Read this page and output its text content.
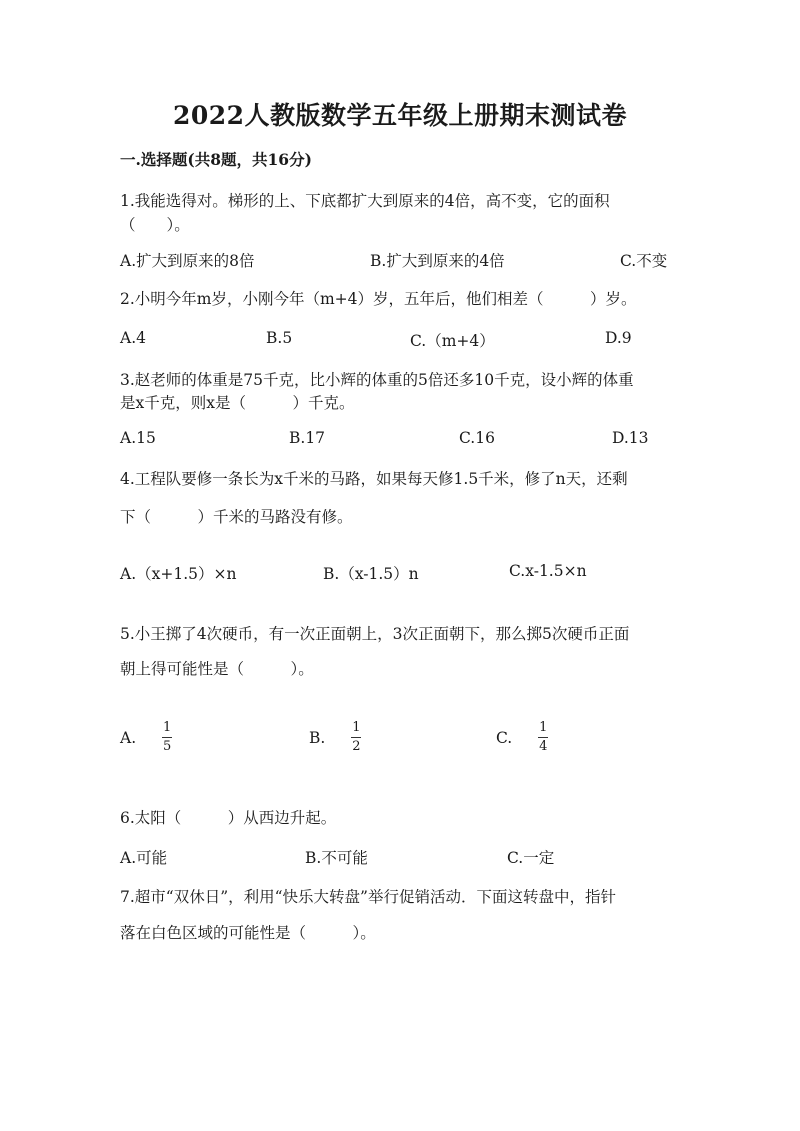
2022人教版数学五年级上册期末测试卷
一.选择题(共8题，共16分)
1.我能选得对。梯形的上、下底都扩大到原来的4倍，高不变，它的面积
（　　）。
A.扩大到原来的8倍	B.扩大到原来的4倍	C.不变
2.小明今年m岁，小刚今年（m+4）岁，五年后，他们相差（　　　）岁。
A.4	B.5	C.（m+4）	D.9
3.赵老师的体重是75千克，比小辉的体重的5倍还多10千克，设小辉的体重
是x千克，则x是（　　　）千克。
A.15	B.17	C.16	D.13
4.工程队要修一条长为x千米的马路，如果每天修1.5千米，修了n天，还剩
下（　　　）千米的马路没有修。
A.（x+1.5）×n	B.（x-1.5）n	C.x-1.5×n
5.小王掷了4次硬币，有一次正面朝上，3次正面朝下，那么掷5次硬币正面
朝上得可能性是（　　　）。
A. $\frac{1}{5}$	B. $\frac{1}{2}$	C. $\frac{1}{4}$
6.太阳（　　　）从西边升起。
A.可能	B.不可能	C.一定
7.超市“双休日”，利用“快乐大转盘”举行促销活动．下面这转盘中，指针
落在白色区域的可能性是（　　　）。
